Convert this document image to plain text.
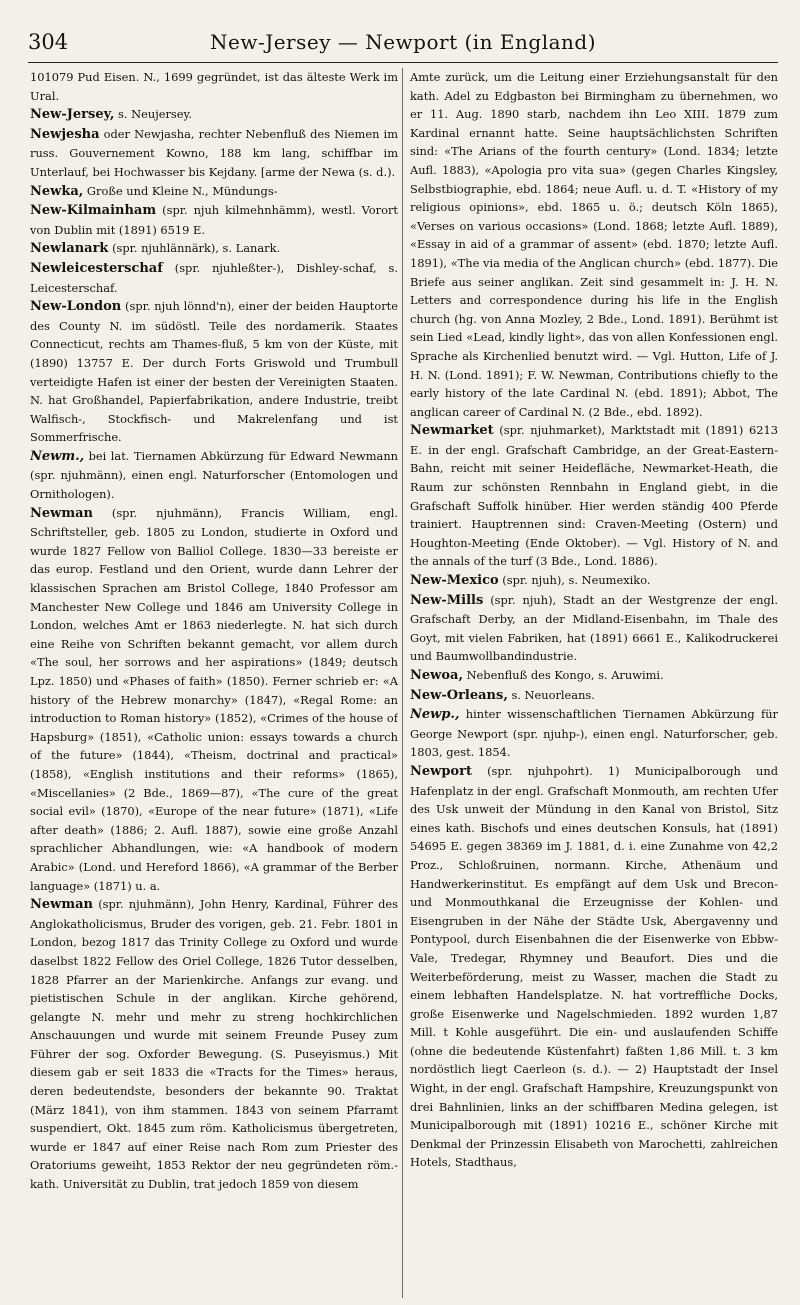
304	New-Jersey — Newport (in England)

101079 Pud Eisen. N., 1699 gegründet, ist das älteste Werk im Ural.

New-Jersey, s. Neujersey.

Newjesha oder Newjasha, rechter Nebenfluß des Niemen im russ. Gouvernement Kowno, 188 km lang, schiffbar im Unterlauf, bei Hochwasser bis Kejdany. [arme der Newa (s. d.).

Newka, Große und Kleine N., Mündungs-

New-Kilmainham (spr. njuh kilmehnhämm), westl. Vorort von Dublin mit (1891) 6519 E.

Newlanark (spr. njuhlännärk), s. Lanark.

Newleicesterschaf (spr. njuhleßter-), Dishley-schaf, s. Leicesterschaf.

New-London (spr. njuh lönnd'n), einer der beiden Hauptorte des County N. im südöstl. Teile des nordamerik. Staates Connecticut, rechts am Thames-fluß, 5 km von der Küste, mit (1890) 13757 E. Der durch Forts Griswold und Trumbull verteidigte Hafen ist einer der besten der Vereinigten Staaten. N. hat Großhandel, Papierfabrikation, andere Industrie, treibt Walfisch-, Stockfisch- und Makrelenfang und ist Sommerfrische.

Newm., bei lat. Tiernamen Abkürzung für Edward Newmann (spr. njuhmänn), einen engl. Naturforscher (Entomologen und Ornithologen).

Newman (spr. njuhmänn), Francis William, engl. Schriftsteller, geb. 1805 zu London, studierte in Oxford und wurde 1827 Fellow von Balliol College. 1830—33 bereiste er das europ. Festland und den Orient, wurde dann Lehrer der klassischen Sprachen am Bristol College, 1840 Professor am Manchester New College und 1846 am University College in London, welches Amt er 1863 niederlegte. N. hat sich durch eine Reihe von Schriften bekannt gemacht, vor allem durch «The soul, her sorrows and her aspirations» (1849; deutsch Lpz. 1850) und «Phases of faith» (1850). Ferner schrieb er: «A history of the Hebrew monarchy» (1847), «Regal Rome: an introduction to Roman history» (1852), «Crimes of the house of Hapsburg» (1851), «Catholic union: essays towards a church of the future» (1844), «Theism, doctrinal and practical» (1858), «English institutions and their reforms» (1865), «Miscellanies» (2 Bde., 1869—87), «The cure of the great social evil» (1870), «Europe of the near future» (1871), «Life after death» (1886; 2. Aufl. 1887), sowie eine große Anzahl sprachlicher Abhandlungen, wie: «A handbook of modern Arabic» (Lond. und Hereford 1866), «A grammar of the Berber language» (1871) u. a.

Newman (spr. njuhmänn), John Henry, Kardinal, Führer des Anglokatholicismus, Bruder des vorigen, geb. 21. Febr. 1801 in London, bezog 1817 das Trinity College zu Oxford und wurde daselbst 1822 Fellow des Oriel College, 1826 Tutor desselben, 1828 Pfarrer an der Marienkirche. Anfangs zur evang. und pietistischen Schule in der anglikan. Kirche gehörend, gelangte N. mehr und mehr zu streng hochkirchlichen Anschauungen und wurde mit seinem Freunde Pusey zum Führer der sog. Oxforder Bewegung. (S. Puseyismus.) Mit diesem gab er seit 1833 die «Tracts for the Times» heraus, deren bedeutendste, besonders der bekannte 90. Traktat (März 1841), von ihm stammen. 1843 von seinem Pfarramt suspendiert, Okt. 1845 zum röm. Katholicismus übergetreten, wurde er 1847 auf einer Reise nach Rom zum Priester des Oratoriums geweiht, 1853 Rektor der neu gegründeten röm.-kath. Universität zu Dublin, trat jedoch 1859 von diesem

Amte zurück, um die Leitung einer Erziehungsanstalt für den kath. Adel zu Edgbaston bei Birmingham zu übernehmen, wo er 11. Aug. 1890 starb, nachdem ihn Leo XIII. 1879 zum Kardinal ernannt hatte. Seine hauptsächlichsten Schriften sind: «The Arians of the fourth century» (Lond. 1834; letzte Aufl. 1883), «Apologia pro vita sua» (gegen Charles Kingsley, Selbstbiographie, ebd. 1864; neue Aufl. u. d. T. «History of my religious opinions», ebd. 1865 u. ö.; deutsch Köln 1865), «Verses on various occasions» (Lond. 1868; letzte Aufl. 1889), «Essay in aid of a grammar of assent» (ebd. 1870; letzte Aufl. 1891), «The via media of the Anglican church» (ebd. 1877). Die Briefe aus seiner anglikan. Zeit sind gesammelt in: J. H. N. Letters and correspondence during his life in the English church (hg. von Anna Mozley, 2 Bde., Lond. 1891). Berühmt ist sein Lied «Lead, kindly light», das von allen Konfessionen engl. Sprache als Kirchenlied benutzt wird. — Vgl. Hutton, Life of J. H. N. (Lond. 1891); F. W. Newman, Contributions chiefly to the early history of the late Cardinal N. (ebd. 1891); Abbot, The anglican career of Cardinal N. (2 Bde., ebd. 1892).

Newmarket (spr. njuhmarket), Marktstadt mit (1891) 6213 E. in der engl. Grafschaft Cambridge, an der Great-Eastern-Bahn, reicht mit seiner Heidefläche, Newmarket-Heath, die Raum zur schönsten Rennbahn in England giebt, in die Grafschaft Suffolk hinüber. Hier werden ständig 400 Pferde trainiert. Hauptrennen sind: Craven-Meeting (Ostern) und Houghton-Meeting (Ende Oktober). — Vgl. History of N. and the annals of the turf (3 Bde., Lond. 1886).

New-Mexico (spr. njuh), s. Neumexiko.

New-Mills (spr. njuh), Stadt an der Westgrenze der engl. Grafschaft Derby, an der Midland-Eisenbahn, im Thale des Goyt, mit vielen Fabriken, hat (1891) 6661 E., Kalikodruckerei und Baumwollbandindustrie.

Newoa, Nebenfluß des Kongo, s. Aruwimi.

New-Orleans, s. Neuorleans.

Newp., hinter wissenschaftlichen Tiernamen Abkürzung für George Newport (spr. njuhp-), einen engl. Naturforscher, geb. 1803, gest. 1854.

Newport (spr. njuhpohrt). 1) Municipalborough und Hafenplatz in der engl. Grafschaft Monmouth, am rechten Ufer des Usk unweit der Mündung in den Kanal von Bristol, Sitz eines kath. Bischofs und eines deutschen Konsuls, hat (1891) 54695 E. gegen 38369 im J. 1881, d. i. eine Zunahme von 42,2 Proz., Schloßruinen, normann. Kirche, Athenäum und Handwerkerinstitut. Es empfängt auf dem Usk und Brecon- und Monmouthkanal die Erzeugnisse der Kohlen- und Eisengruben in der Nähe der Städte Usk, Abergavenny und Pontypool, durch Eisenbahnen die der Eisenwerke von Ebbw-Vale, Tredegar, Rhymney und Beaufort. Dies und die Weiterbeförderung, meist zu Wasser, machen die Stadt zu einem lebhaften Handelsplatze. N. hat vortreffliche Docks, große Eisenwerke und Nagelschmieden. 1892 wurden 1,87 Mill. t Kohle ausgeführt. Die ein- und auslaufenden Schiffe (ohne die bedeutende Küstenfahrt) faßten 1,86 Mill. t. 3 km nordöstlich liegt Caerleon (s. d.). — 2) Hauptstadt der Insel Wight, in der engl. Grafschaft Hampshire, Kreuzungspunkt von drei Bahnlinien, links an der schiffbaren Medina gelegen, ist Municipalborough mit (1891) 10216 E., schöner Kirche mit Denkmal der Prinzessin Elisabeth von Marochetti, zahlreichen Hotels, Stadthaus,
